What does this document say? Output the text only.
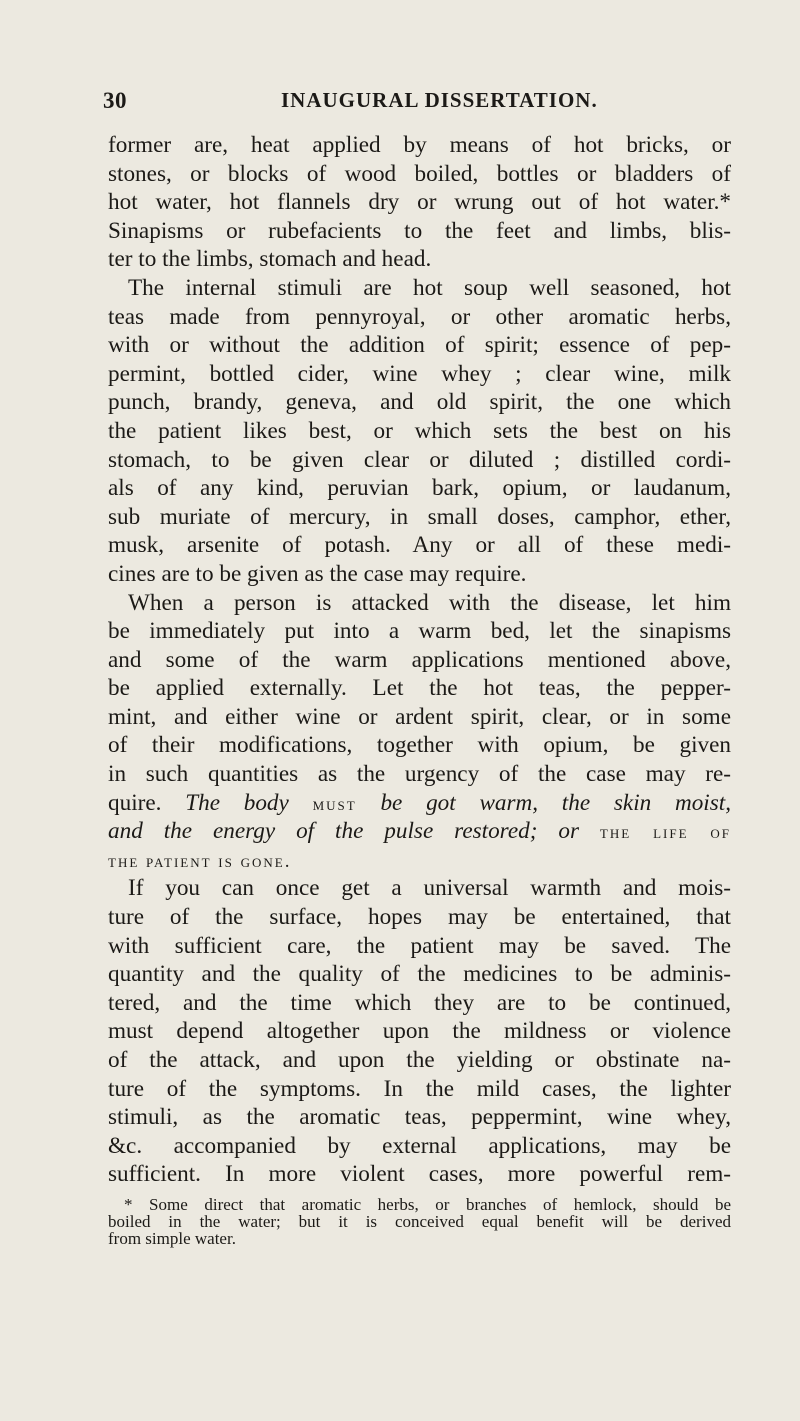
30	INAUGURAL DISSERTATION.
former are, heat applied by means of hot bricks, or
stones, or blocks of wood boiled, bottles or bladders of
hot water, hot flannels dry or wrung out of hot water.*
Sinapisms or rubefacients to the feet and limbs, blis-
ter to the limbs, stomach and head.
The internal stimuli are hot soup well seasoned, hot
teas made from pennyroyal, or other aromatic herbs,
with or without the addition of spirit; essence of pep-
permint, bottled cider, wine whey ; clear wine, milk
punch, brandy, geneva, and old spirit, the one which
the patient likes best, or which sets the best on his
stomach, to be given clear or diluted ; distilled cordi-
als of any kind, peruvian bark, opium, or laudanum,
sub muriate of mercury, in small doses, camphor, ether,
musk, arsenite of potash. Any or all of these medi-
cines are to be given as the case may require.
When a person is attacked with the disease, let him
be immediately put into a warm bed, let the sinapisms
and some of the warm applications mentioned above,
be applied externally. Let the hot teas, the pepper-
mint, and either wine or ardent spirit, clear, or in some
of their modifications, together with opium, be given
in such quantities as the urgency of the case may re-
quire. The body must be got warm, the skin moist,
and the energy of the pulse restored; or the life of
the patient is gone.
If you can once get a universal warmth and mois-
ture of the surface, hopes may be entertained, that
with sufficient care, the patient may be saved. The
quantity and the quality of the medicines to be adminis-
tered, and the time which they are to be continued,
must depend altogether upon the mildness or violence
of the attack, and upon the yielding or obstinate na-
ture of the symptoms. In the mild cases, the lighter
stimuli, as the aromatic teas, peppermint, wine whey,
&c. accompanied by external applications, may be
sufficient. In more violent cases, more powerful rem-
* Some direct that aromatic herbs, or branches of hemlock, should be
boiled in the water; but it is conceived equal benefit will be derived
from simple water.
